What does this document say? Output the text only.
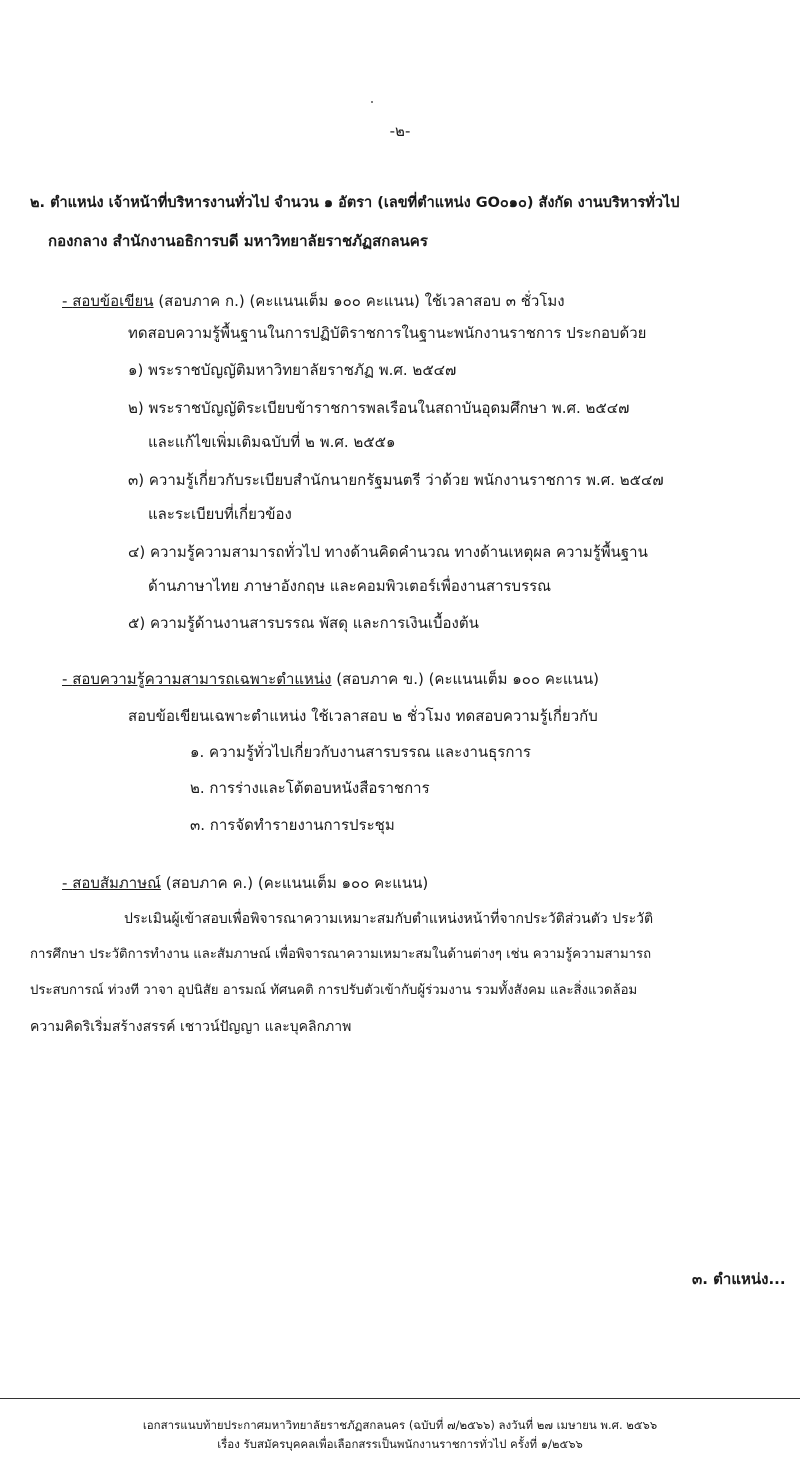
-๒-
๒. ตำแหน่ง เจ้าหน้าที่บริหารงานทั่วไป จำนวน ๑ อัตรา (เลขที่ตำแหน่ง GO๐๑๐) สังกัด งานบริหารทั่วไป
กองกลาง สำนักงานอธิการบดี มหาวิทยาลัยราชภัฏสกลนคร
- สอบข้อเขียน (สอบภาค ก.) (คะแนนเต็ม ๑๐๐ คะแนน) ใช้เวลาสอบ ๓ ชั่วโมง
ทดสอบความรู้พื้นฐานในการปฏิบัติราชการในฐานะพนักงานราชการ ประกอบด้วย
๑) พระราชบัญญัติมหาวิทยาลัยราชภัฏ พ.ศ. ๒๕๔๗
๒) พระราชบัญญัติระเบียบข้าราชการพลเรือนในสถาบันอุดมศึกษา พ.ศ. ๒๕๔๗
และแก้ไขเพิ่มเติมฉบับที่ ๒ พ.ศ. ๒๕๕๑
๓) ความรู้เกี่ยวกับระเบียบสำนักนายกรัฐมนตรี ว่าด้วย พนักงานราชการ พ.ศ. ๒๕๔๗
และระเบียบที่เกี่ยวข้อง
๔) ความรู้ความสามารถทั่วไป ทางด้านคิดคำนวณ ทางด้านเหตุผล ความรู้พื้นฐาน
ด้านภาษาไทย ภาษาอังกฤษ และคอมพิวเตอร์เพื่องานสารบรรณ
๕) ความรู้ด้านงานสารบรรณ พัสดุ และการเงินเบื้องต้น
- สอบความรู้ความสามารถเฉพาะตำแหน่ง (สอบภาค ข.) (คะแนนเต็ม ๑๐๐ คะแนน)
สอบข้อเขียนเฉพาะตำแหน่ง ใช้เวลาสอบ ๒ ชั่วโมง ทดสอบความรู้เกี่ยวกับ
๑. ความรู้ทั่วไปเกี่ยวกับงานสารบรรณ และงานธุรการ
๒. การร่างและโต้ตอบหนังสือราชการ
๓. การจัดทำรายงานการประชุม
- สอบสัมภาษณ์ (สอบภาค ค.) (คะแนนเต็ม ๑๐๐ คะแนน)
ประเมินผู้เข้าสอบเพื่อพิจารณาความเหมาะสมกับตำแหน่งหน้าที่จากประวัติส่วนตัว ประวัติ
การศึกษา ประวัติการทำงาน และสัมภาษณ์ เพื่อพิจารณาความเหมาะสมในด้านต่างๆ เช่น ความรู้ความสามารถ
ประสบการณ์ ท่วงที วาจา อุปนิสัย อารมณ์ ทัศนคติ การปรับตัวเข้ากับผู้ร่วมงาน รวมทั้งสังคม และสิ่งแวดล้อม
ความคิดริเริ่มสร้างสรรค์ เชาวน์ปัญญา และบุคลิกภาพ
๓. ตำแหน่ง...
เอกสารแนบท้ายประกาศมหาวิทยาลัยราชภัฏสกลนคร (ฉบับที่ ๗/๒๕๖๖) ลงวันที่ ๒๗ เมษายน พ.ศ. ๒๕๖๖
เรื่อง รับสมัครบุคคลเพื่อเลือกสรรเป็นพนักงานราชการทั่วไป ครั้งที่ ๑/๒๕๖๖
